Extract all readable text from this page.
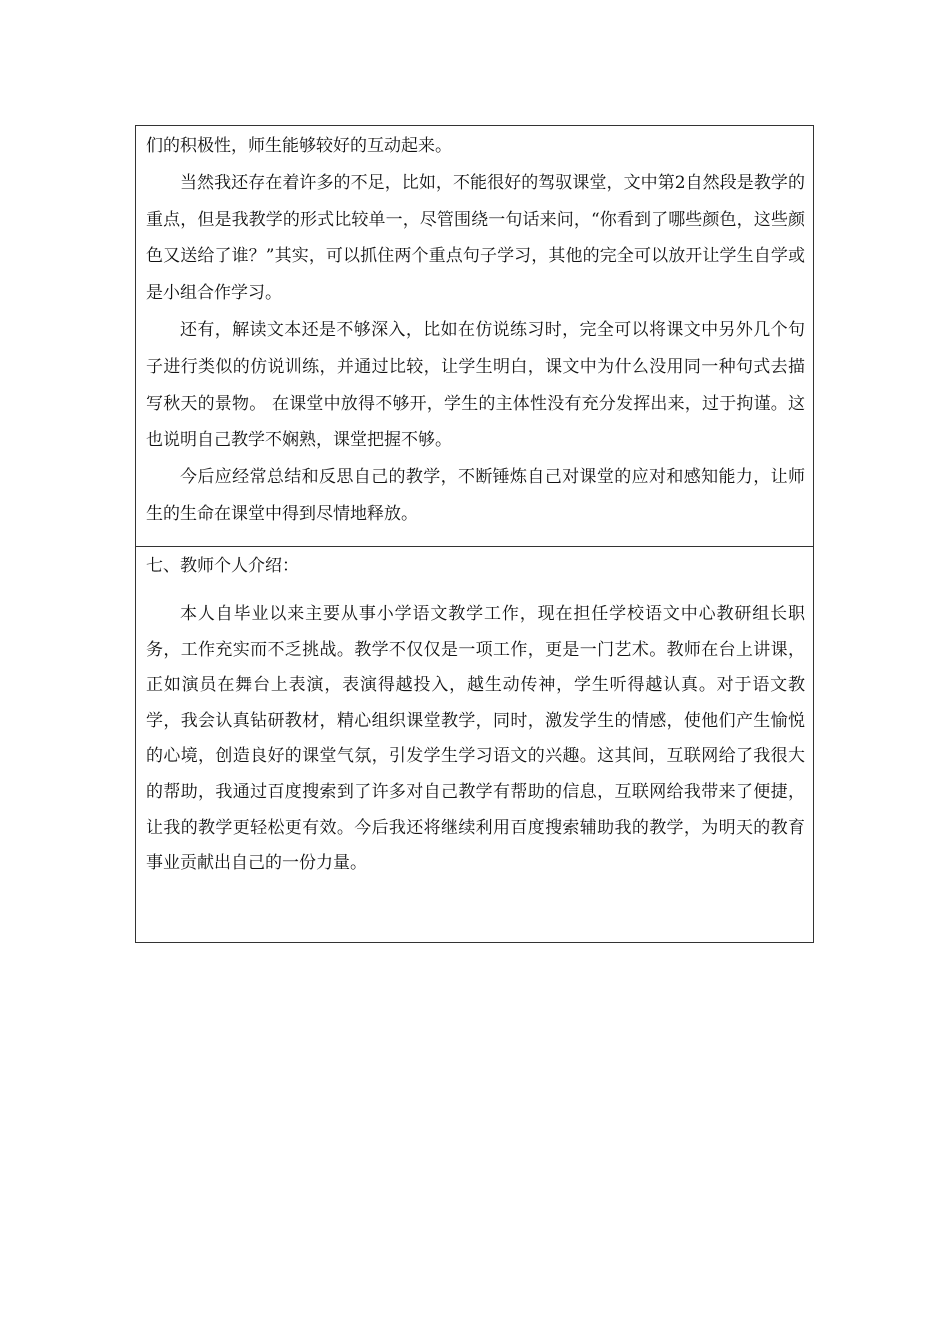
们的积极性，师生能够较好的互动起来。

当然我还存在着许多的不足，比如，不能很好的驾驭课堂，文中第2自然段是教学的重点，但是我教学的形式比较单一，尽管围绕一句话来问，“你看到了哪些颜色，这些颜色又送给了谁？”其实，可以抓住两个重点句子学习，其他的完全可以放开让学生自学或是小组合作学习。

还有，解读文本还是不够深入，比如在仿说练习时，完全可以将课文中另外几个句子进行类似的仿说训练，并通过比较，让学生明白，课文中为什么没用同一种句式去描写秋天的景物。 在课堂中放得不够开，学生的主体性没有充分发挥出来，过于拘谨。这也说明自己教学不娴熟，课堂把握不够。

今后应经常总结和反思自己的教学，不断锤炼自己对课堂的应对和感知能力，让师生的生命在课堂中得到尽情地释放。

七、教师个人介绍：

本人自毕业以来主要从事小学语文教学工作，现在担任学校语文中心教研组长职务，工作充实而不乏挑战。教学不仅仅是一项工作，更是一门艺术。教师在台上讲课，正如演员在舞台上表演，表演得越投入，越生动传神，学生听得越认真。对于语文教学，我会认真钻研教材，精心组织课堂教学，同时，激发学生的情感，使他们产生愉悦的心境，创造良好的课堂气氛，引发学生学习语文的兴趣。这其间，互联网给了我很大的帮助，我通过百度搜索到了许多对自己教学有帮助的信息，互联网给我带来了便捷，让我的教学更轻松更有效。今后我还将继续利用百度搜索辅助我的教学，为明天的教育事业贡献出自己的一份力量。
